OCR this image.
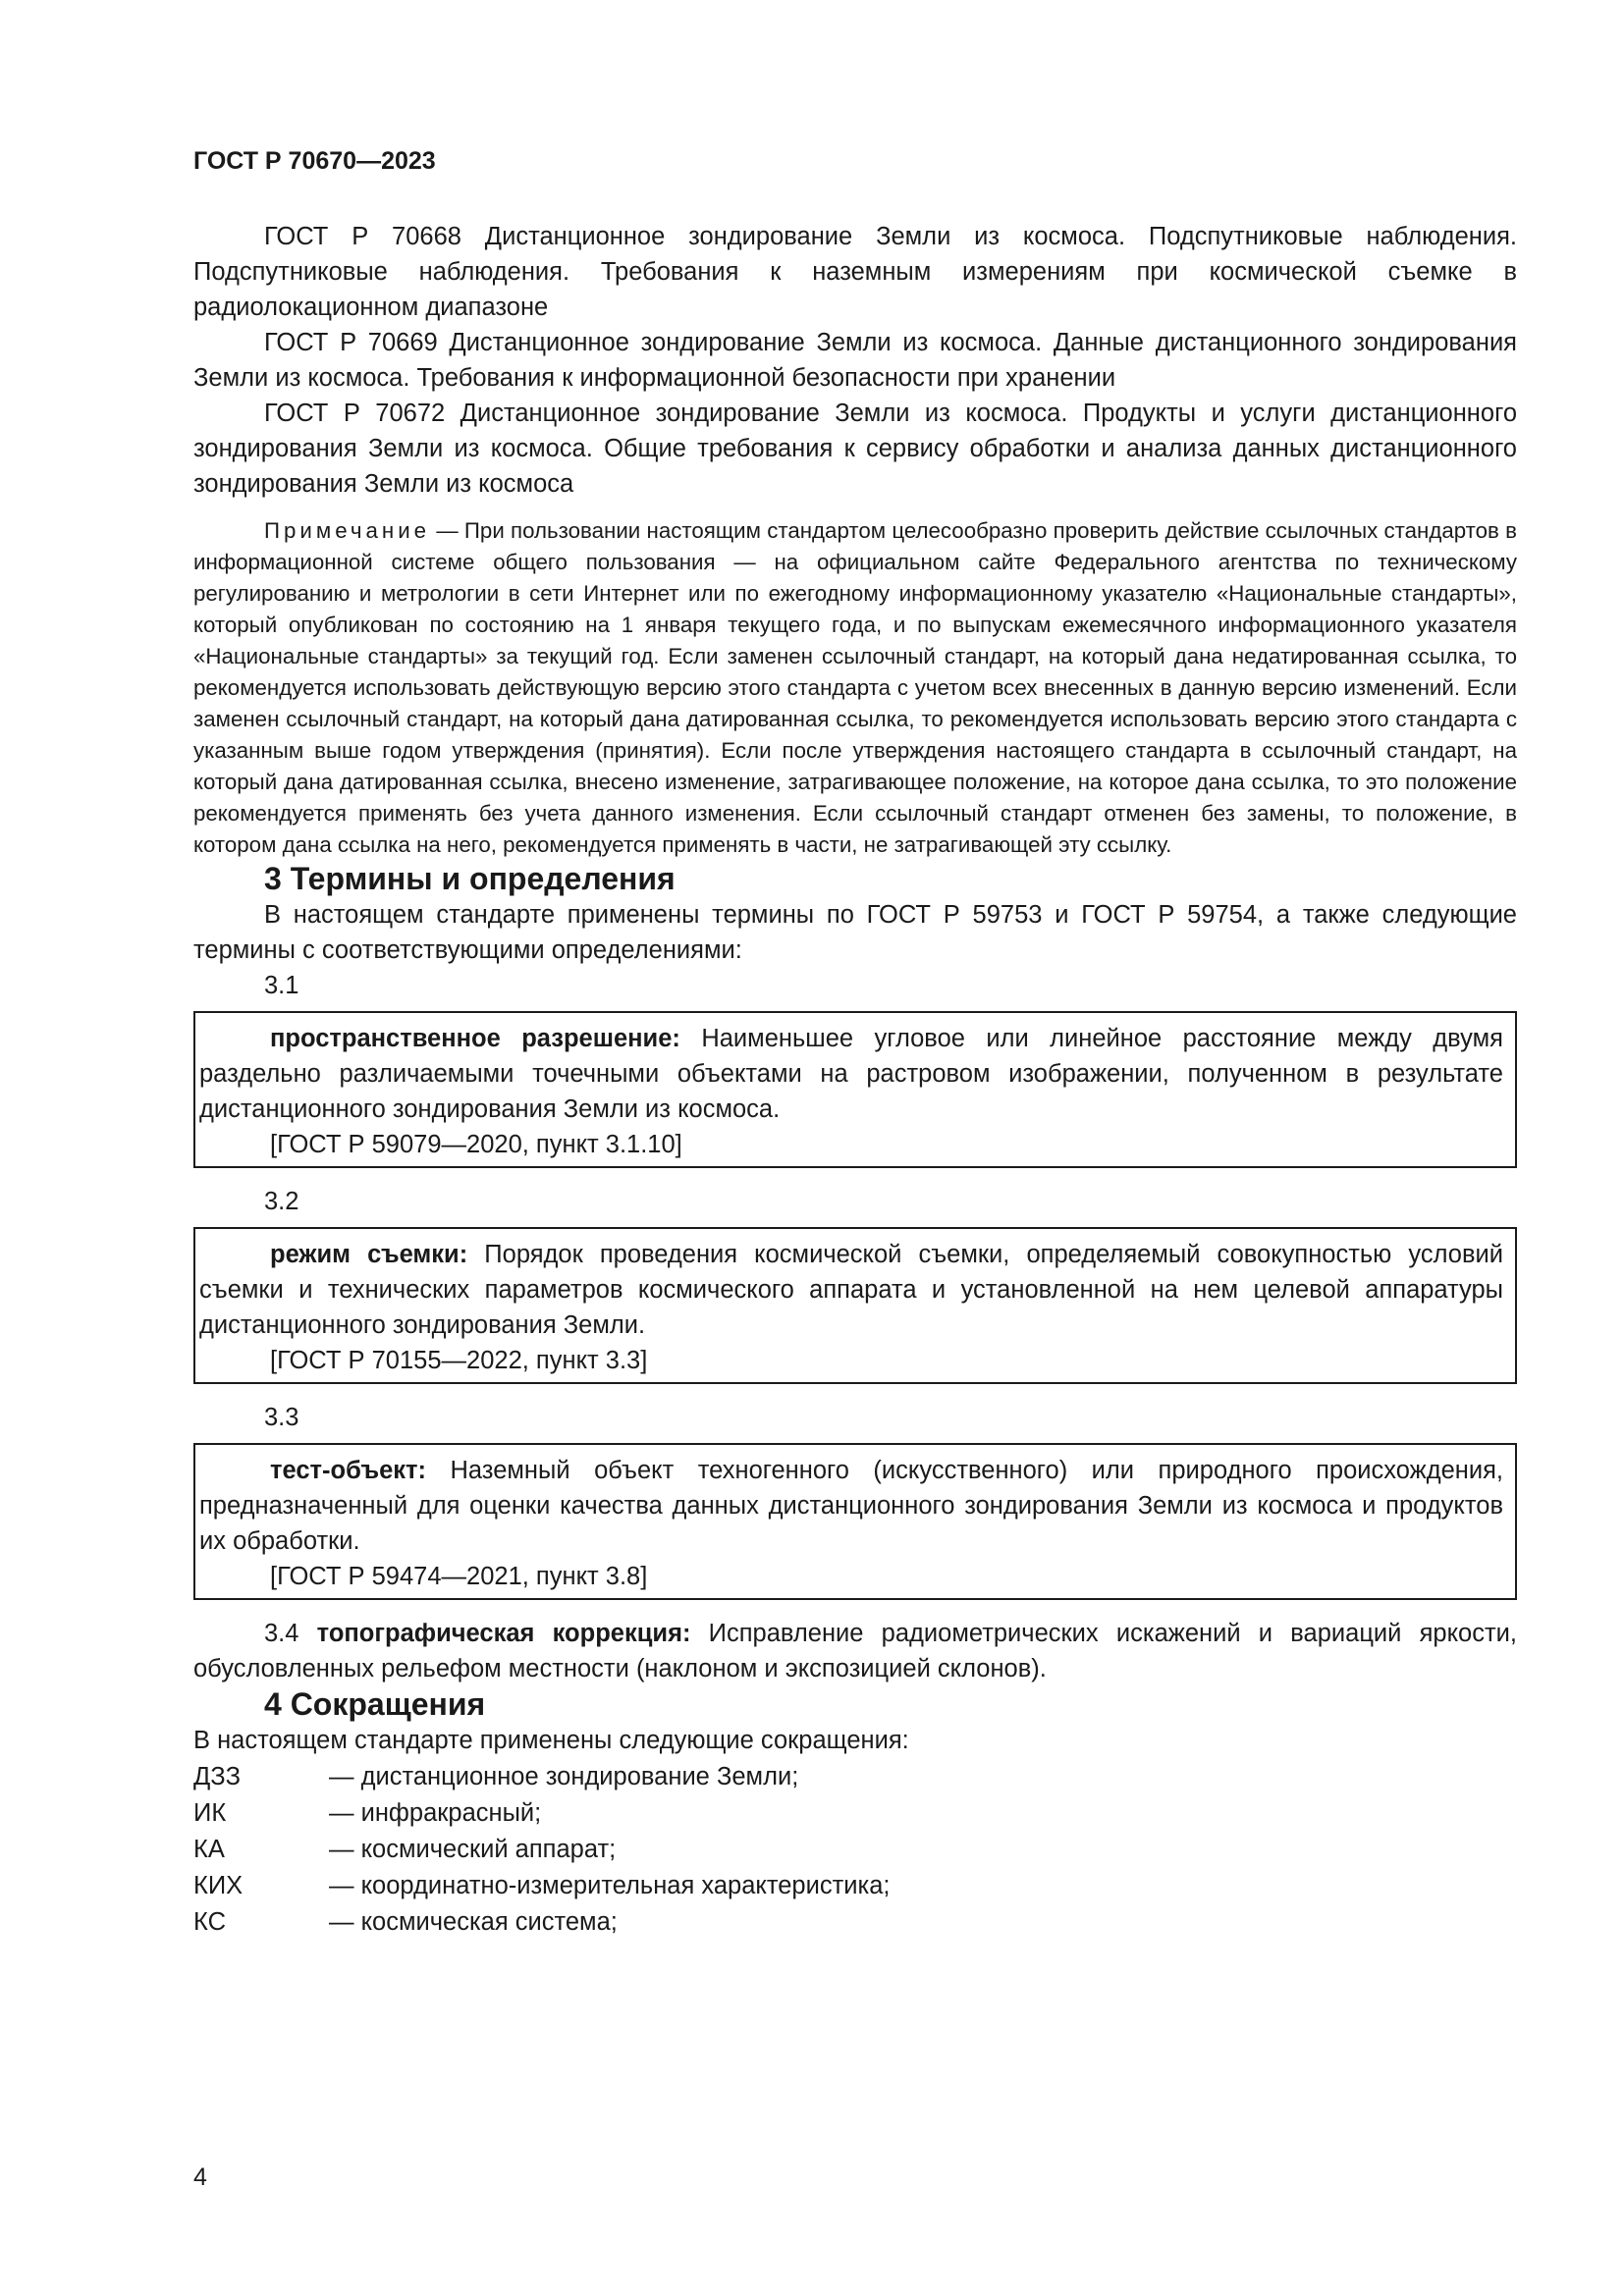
ГОСТ Р 70670—2023

ГОСТ Р 70668 Дистанционное зондирование Земли из космоса. Подспутниковые наблюдения. Подспутниковые наблюдения. Требования к наземным измерениям при космической съемке в радиолокационном диапазоне

ГОСТ Р 70669 Дистанционное зондирование Земли из космоса. Данные дистанционного зондирования Земли из космоса. Требования к информационной безопасности при хранении

ГОСТ Р 70672 Дистанционное зондирование Земли из космоса. Продукты и услуги дистанционного зондирования Земли из космоса. Общие требования к сервису обработки и анализа данных дистанционного зондирования Земли из космоса

Примечание — При пользовании настоящим стандартом целесообразно проверить действие ссылочных стандартов в информационной системе общего пользования — на официальном сайте Федерального агентства по техническому регулированию и метрологии в сети Интернет или по ежегодному информационному указателю «Национальные стандарты», который опубликован по состоянию на 1 января текущего года, и по выпускам ежемесячного информационного указателя «Национальные стандарты» за текущий год. Если заменен ссылочный стандарт, на который дана недатированная ссылка, то рекомендуется использовать действующую версию этого стандарта с учетом всех внесенных в данную версию изменений. Если заменен ссылочный стандарт, на который дана датированная ссылка, то рекомендуется использовать версию этого стандарта с указанным выше годом утверждения (принятия). Если после утверждения настоящего стандарта в ссылочный стандарт, на который дана датированная ссылка, внесено изменение, затрагивающее положение, на которое дана ссылка, то это положение рекомендуется применять без учета данного изменения. Если ссылочный стандарт отменен без замены, то положение, в котором дана ссылка на него, рекомендуется применять в части, не затрагивающей эту ссылку.

3 Термины и определения

В настоящем стандарте применены термины по ГОСТ Р 59753 и ГОСТ Р 59754, а также следующие термины с соответствующими определениями:

3.1

пространственное разрешение: Наименьшее угловое или линейное расстояние между двумя раздельно различаемыми точечными объектами на растровом изображении, полученном в результате дистанционного зондирования Земли из космоса.

[ГОСТ Р 59079—2020, пункт 3.1.10]

3.2

режим съемки: Порядок проведения космической съемки, определяемый совокупностью условий съемки и технических параметров космического аппарата и установленной на нем целевой аппаратуры дистанционного зондирования Земли.

[ГОСТ Р 70155—2022, пункт 3.3]

3.3

тест-объект: Наземный объект техногенного (искусственного) или природного происхождения, предназначенный для оценки качества данных дистанционного зондирования Земли из космоса и продуктов их обработки.

[ГОСТ Р 59474—2021, пункт 3.8]

3.4 топографическая коррекция: Исправление радиометрических искажений и вариаций яркости, обусловленных рельефом местности (наклоном и экспозицией склонов).

4 Сокращения

В настоящем стандарте применены следующие сокращения:

ДЗЗ	— дистанционное зондирование Земли;
ИК	— инфракрасный;
КА	— космический аппарат;
КИХ	— координатно-измерительная характеристика;
КС	— космическая система;
4
